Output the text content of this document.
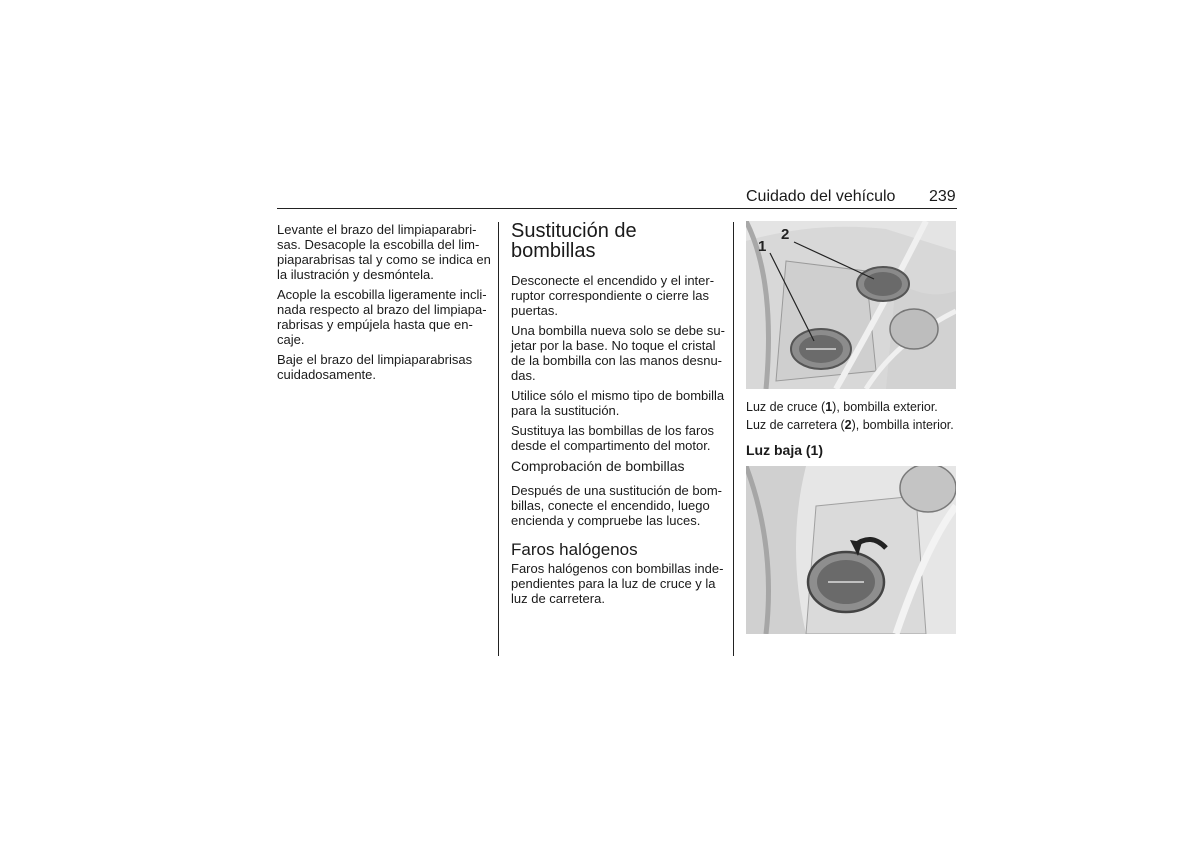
Cuidado del vehículo 239

Levante el brazo del limpiaparabri-
sas. Desacople la escobilla del lim-
piaparabrisas tal y como se indica en
la ilustración y desmóntela.

Acople la escobilla ligeramente incli-
nada respecto al brazo del limpiapa-
rabrisas y empújela hasta que en-
caje.

Baje el brazo del limpiaparabrisas
cuidadosamente.

Sustitución de
bombillas

Desconecte el encendido y el inter-
ruptor correspondiente o cierre las
puertas.

Una bombilla nueva solo se debe su-
jetar por la base. No toque el cristal
de la bombilla con las manos desnu-
das.

Utilice sólo el mismo tipo de bombilla
para la sustitución.

Sustituya las bombillas de los faros
desde el compartimento del motor.

Comprobación de bombillas

Después de una sustitución de bom-
billas, conecte el encendido, luego
encienda y compruebe las luces.

Faros halógenos

Faros halógenos con bombillas inde-
pendientes para la luz de cruce y la
luz de carretera.

1
2
Luz de cruce (1), bombilla exterior.
Luz de carretera (2), bombilla interior.
Luz baja (1)
